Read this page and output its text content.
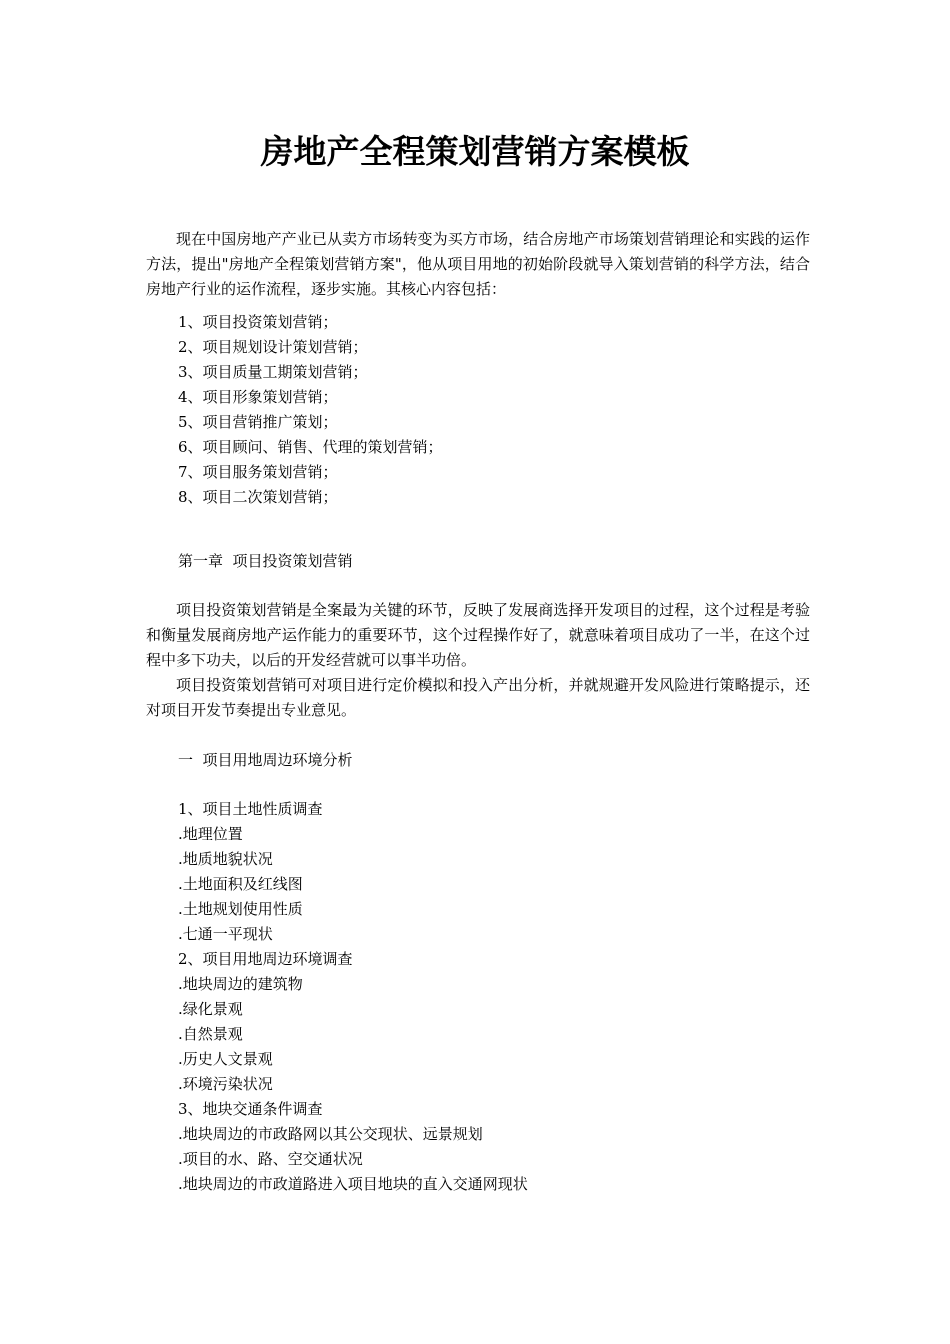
房地产全程策划营销方案模板

现在中国房地产产业已从卖方市场转变为买方市场，结合房地产市场策划营销理论和实践的运作方法，提出"房地产全程策划营销方案"，他从项目用地的初始阶段就导入策划营销的科学方法，结合房地产行业的运作流程，逐步实施。其核心内容包括：

1、项目投资策划营销；

2、项目规划设计策划营销；

3、项目质量工期策划营销；

4、项目形象策划营销；

5、项目营销推广策划；

6、项目顾问、销售、代理的策划营销；

7、项目服务策划营销；

8、项目二次策划营销；

第一章  项目投资策划营销

项目投资策划营销是全案最为关键的环节，反映了发展商选择开发项目的过程，这个过程是考验和衡量发展商房地产运作能力的重要环节，这个过程操作好了，就意味着项目成功了一半，在这个过程中多下功夫，以后的开发经营就可以事半功倍。

项目投资策划营销可对项目进行定价模拟和投入产出分析，并就规避开发风险进行策略提示，还对项目开发节奏提出专业意见。

一  项目用地周边环境分析

1、项目土地性质调查

.地理位置

.地质地貌状况

.土地面积及红线图

.土地规划使用性质

.七通一平现状

2、项目用地周边环境调查

.地块周边的建筑物

.绿化景观

.自然景观

.历史人文景观

.环境污染状况

3、地块交通条件调查

.地块周边的市政路网以其公交现状、远景规划

.项目的水、路、空交通状况

.地块周边的市政道路进入项目地块的直入交通网现状
